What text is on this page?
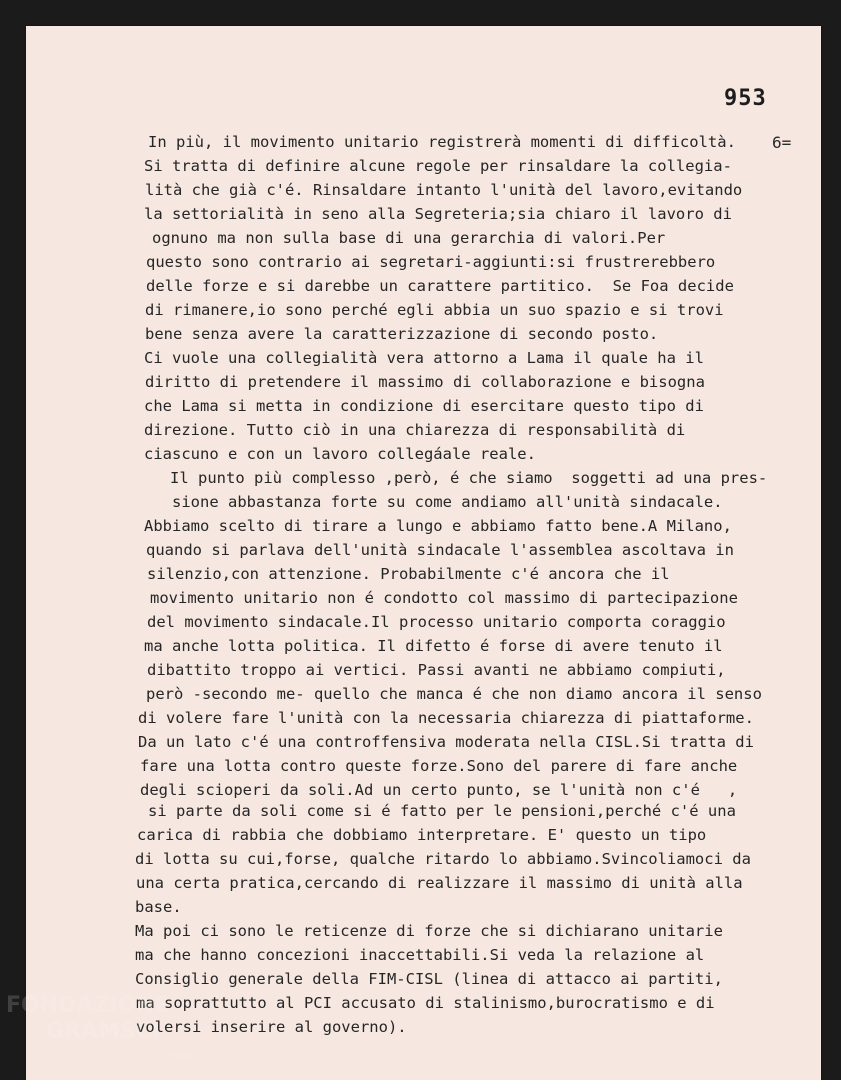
953
6=
In più, il movimento unitario registrerà momenti di difficoltà.
Si tratta di definire alcune regole per rinsaldare la collegia-
lità che già c'é. Rinsaldare intanto l'unità del lavoro,evitando
la settorialità in seno alla Segreteria;sia chiaro il lavoro di
ognuno ma non sulla base di una gerarchia di valori.Per
questo sono contrario ai segretari-aggiunti:si frustrerebbero
delle forze e si darebbe un carattere partitico.  Se Foa decide
di rimanere,io sono perché egli abbia un suo spazio e si trovi
bene senza avere la caratterizzazione di secondo posto.
Ci vuole una collegialità vera attorno a Lama il quale ha il
diritto di pretendere il massimo di collaborazione e bisogna
che Lama si metta in condizione di esercitare questo tipo di
direzione. Tutto ciò in una chiarezza di responsabilità di
ciascuno e con un lavoro collegáale reale.
Il punto più complesso ,però, é che siamo  soggetti ad una pres-
sione abbastanza forte su come andiamo all'unità sindacale.
Abbiamo scelto di tirare a lungo e abbiamo fatto bene.A Milano,
quando si parlava dell'unità sindacale l'assemblea ascoltava in
silenzio,con attenzione. Probabilmente c'é ancora che il
movimento unitario non é condotto col massimo di partecipazione
del movimento sindacale.Il processo unitario comporta coraggio
ma anche lotta politica. Il difetto é forse di avere tenuto il
dibattito troppo ai vertici. Passi avanti ne abbiamo compiuti,
però -secondo me- quello che manca é che non diamo ancora il senso
di volere fare l'unità con la necessaria chiarezza di piattaforme.
Da un lato c'é una controffensiva moderata nella CISL.Si tratta di
fare una lotta contro queste forze.Sono del parere di fare anche
degli scioperi da soli.Ad un certo punto, se l'unità non c'é   ,
si parte da soli come si é fatto per le pensioni,perché c'é una
carica di rabbia che dobbiamo interpretare. E' questo un tipo
di lotta su cui,forse, qualche ritardo lo abbiamo.Svincoliamoci da
una certa pratica,cercando di realizzare il massimo di unità alla
base.
Ma poi ci sono le reticenze di forze che si dichiarano unitarie
ma che hanno concezioni inaccettabili.Si veda la relazione al
Consiglio generale della FIM-CISL (linea di attacco ai partiti,
ma soprattutto al PCI accusato di stalinismo,burocratismo e di
volersi inserire al governo).
FONDAZIONE
GRAMSCI
Onlus
